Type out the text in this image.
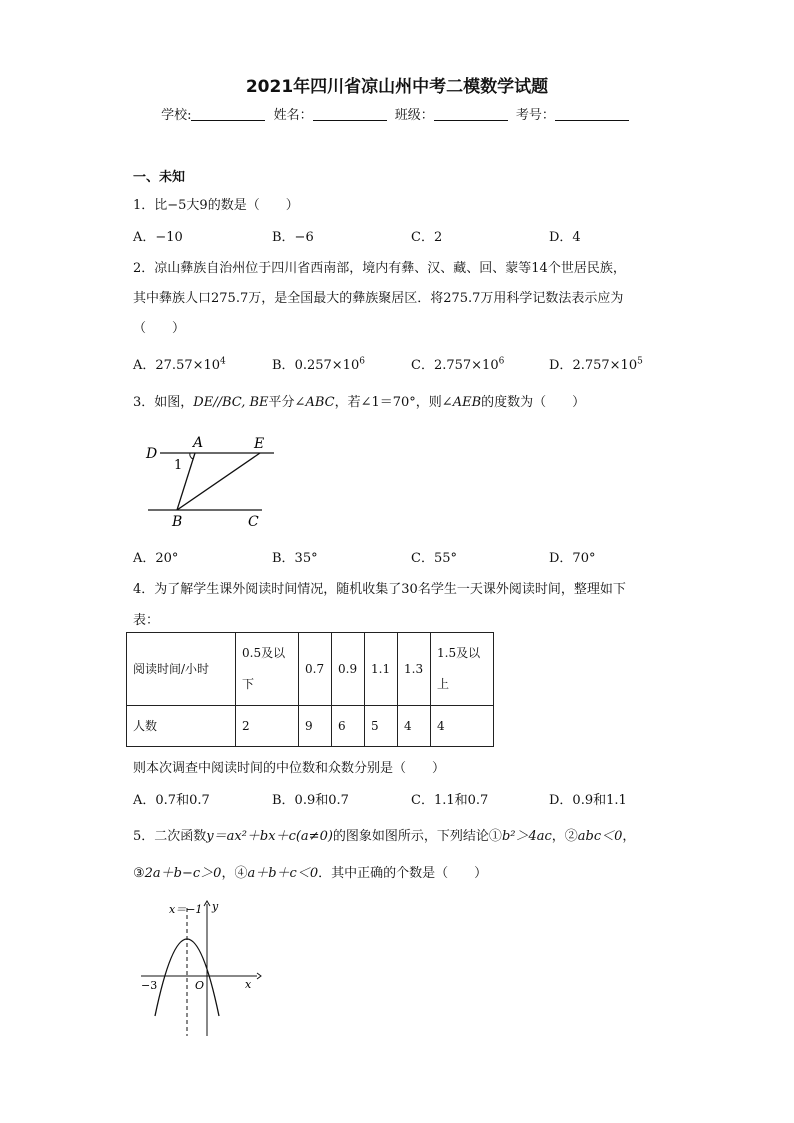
2021年四川省凉山州中考二模数学试题
学校:	姓名：	班级：	考号：
一、未知
1．比−5大9的数是（　　）
A．−10	B．−6	C．2	D．4
2．凉山彝族自治州位于四川省西南部，境内有彝、汉、藏、回、蒙等14个世居民族，
其中彝族人口275.7万，是全国最大的彝族聚居区．将275.7万用科学记数法表示应为
（　　）
A．$27.57\times 10^4$	B．$0.257\times 10^6$	C．$2.757\times 10^6$	D．$2.757\times 10^5$
3．如图，DE//BC, BE平分∠ABC，若∠1＝70°，则∠AEB的度数为（　　）
D
A	E
1
B	C
A．20°	B．35°	C．55°	D．70°
4．为了解学生课外阅读时间情况，随机收集了30名学生一天课外阅读时间，整理如下
表：
阅读时间/小时	0.5及以下	0.7	0.9	1.1	1.3	1.5及以上
人数	2	9	6	5	4	4
则本次调查中阅读时间的中位数和众数分别是（　　）
A．0.7和0.7	B．0.9和0.7	C．1.1和0.7	D．0.9和1.1
5．二次函数y＝ax²＋bx＋c(a≠0)的图象如图所示，下列结论①b²＞4ac，②abc＜0，
③2a＋b−c＞0，④a＋b＋c＜0．其中正确的个数是（　　）
x＝−1 y
x
−3	O
